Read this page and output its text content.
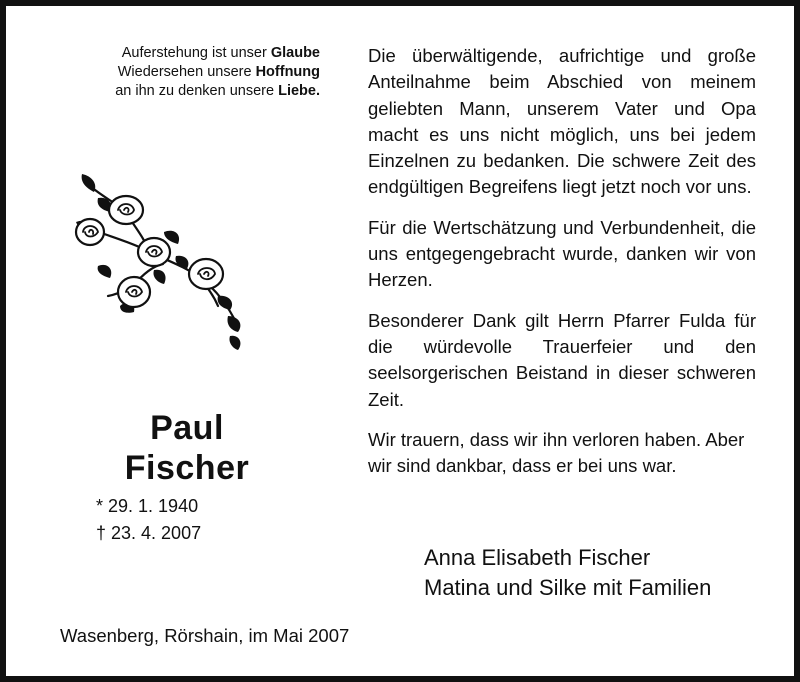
Auferstehung ist unser Glaube
Wiedersehen unsere Hoffnung
an ihn zu denken unsere Liebe.
Paul
Fischer
* 29. 1. 1940
† 23. 4. 2007

Die überwältigende, aufrichtige und große Anteilnahme beim Abschied von meinem geliebten Mann, unserem Vater und Opa macht es uns nicht möglich, uns bei jedem Einzelnen zu bedanken. Die schwere Zeit des endgültigen Begreifens liegt jetzt noch vor uns.

Für die Wertschätzung und Verbundenheit, die uns entgegengebracht wurde, danken wir von Herzen.

Besonderer Dank gilt Herrn Pfarrer Fulda für die würdevolle Trauerfeier und den seelsorgerischen Beistand in dieser schweren Zeit.

Wir trauern, dass wir ihn verloren haben. Aber wir sind dankbar, dass er bei uns war.

Anna Elisabeth Fischer
Matina und Silke mit Familien
Wasenberg, Rörshain, im Mai 2007
